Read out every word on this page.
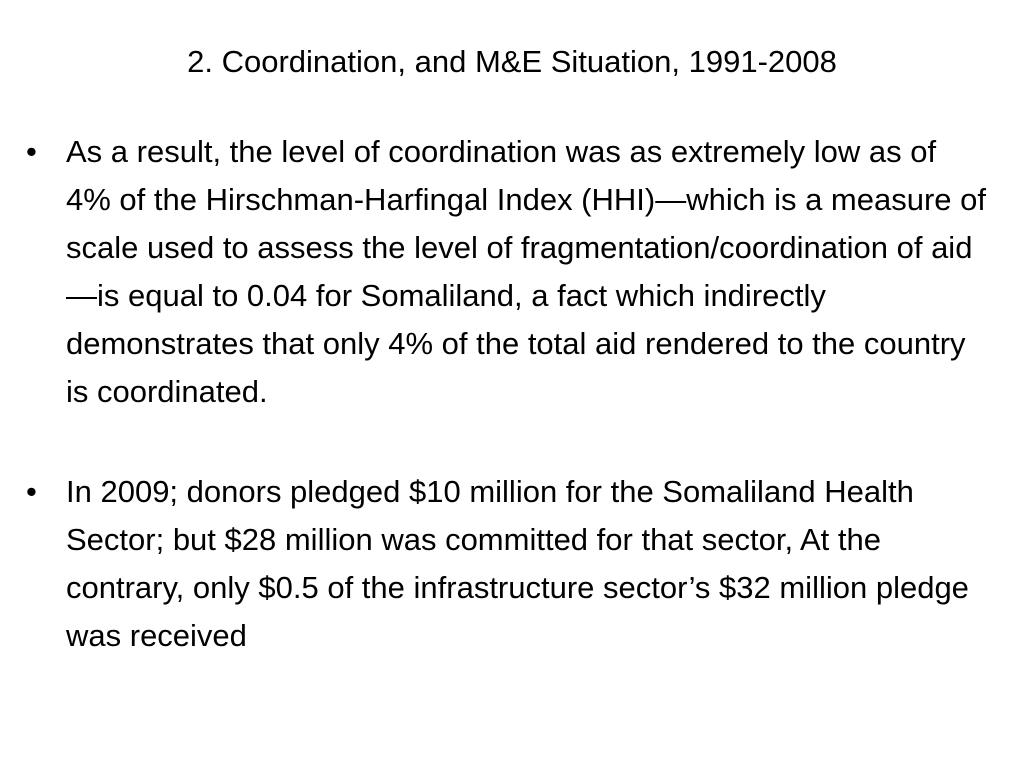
2. Coordination, and M&E Situation, 1991-2008
• As a result, the level of coordination was as extremely low as of 4% of the Hirschman-Harfingal Index (HHI)—which is a measure of scale used to assess the level of fragmentation/coordination of aid—is equal to 0.04 for Somaliland, a fact which indirectly demonstrates that only 4% of the total aid rendered to the country is coordinated.
• In 2009; donors pledged $10 million for the Somaliland Health Sector; but $28 million was committed for that sector, At the contrary, only $0.5 of the infrastructure sector’s $32 million pledge was received
